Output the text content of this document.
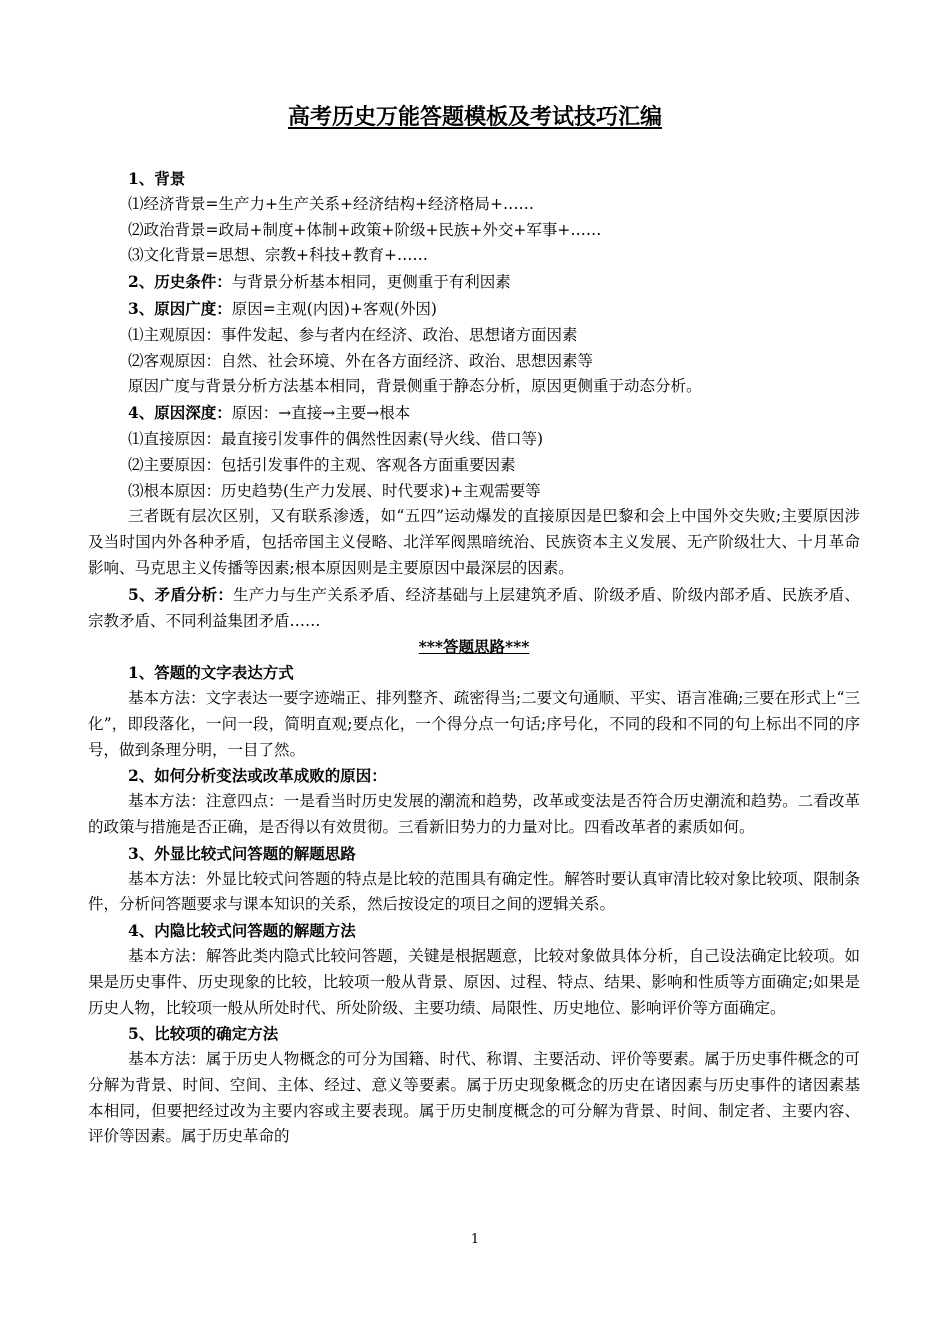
高考历史万能答题模板及考试技巧汇编

1、背景

⑴经济背景=生产力+生产关系+经济结构+经济格局+……

⑵政治背景=政局+制度+体制+政策+阶级+民族+外交+军事+……

⑶文化背景=思想、宗教+科技+教育+……

2、历史条件：与背景分析基本相同，更侧重于有利因素

3、原因广度：原因=主观(内因)+客观(外因)

⑴主观原因：事件发起、参与者内在经济、政治、思想诸方面因素

⑵客观原因：自然、社会环境、外在各方面经济、政治、思想因素等

原因广度与背景分析方法基本相同，背景侧重于静态分析，原因更侧重于动态分析。

4、原因深度：原因：→直接→主要→根本

⑴直接原因：最直接引发事件的偶然性因素(导火线、借口等)

⑵主要原因：包括引发事件的主观、客观各方面重要因素

⑶根本原因：历史趋势(生产力发展、时代要求)+主观需要等

三者既有层次区别，又有联系渗透，如“五四”运动爆发的直接原因是巴黎和会上中国外交失败;主要原因涉及当时国内外各种矛盾，包括帝国主义侵略、北洋军阀黑暗统治、民族资本主义发展、无产阶级壮大、十月革命影响、马克思主义传播等因素;根本原因则是主要原因中最深层的因素。

5、矛盾分析：生产力与生产关系矛盾、经济基础与上层建筑矛盾、阶级矛盾、阶级内部矛盾、民族矛盾、宗教矛盾、不同利益集团矛盾……

***答题思路***

1、答题的文字表达方式

基本方法：文字表达一要字迹端正、排列整齐、疏密得当;二要文句通顺、平实、语言准确;三要在形式上“三化”，即段落化，一问一段，简明直观;要点化，一个得分点一句话;序号化，不同的段和不同的句上标出不同的序号，做到条理分明，一目了然。

2、如何分析变法或改革成败的原因：

基本方法：注意四点：一是看当时历史发展的潮流和趋势，改革或变法是否符合历史潮流和趋势。二看改革的政策与措施是否正确，是否得以有效贯彻。三看新旧势力的力量对比。四看改革者的素质如何。

3、外显比较式问答题的解题思路

基本方法：外显比较式问答题的特点是比较的范围具有确定性。解答时要认真审清比较对象比较项、限制条件，分析问答题要求与课本知识的关系，然后按设定的项目之间的逻辑关系。

4、内隐比较式问答题的解题方法

基本方法：解答此类内隐式比较问答题，关键是根据题意，比较对象做具体分析，自己设法确定比较项。如果是历史事件、历史现象的比较，比较项一般从背景、原因、过程、特点、结果、影响和性质等方面确定;如果是历史人物，比较项一般从所处时代、所处阶级、主要功绩、局限性、历史地位、影响评价等方面确定。

5、比较项的确定方法

基本方法：属于历史人物概念的可分为国籍、时代、称谓、主要活动、评价等要素。属于历史事件概念的可分解为背景、时间、空间、主体、经过、意义等要素。属于历史现象概念的历史在诸因素与历史事件的诸因素基本相同，但要把经过改为主要内容或主要表现。属于历史制度概念的可分解为背景、时间、制定者、主要内容、评价等因素。属于历史革命的

1
